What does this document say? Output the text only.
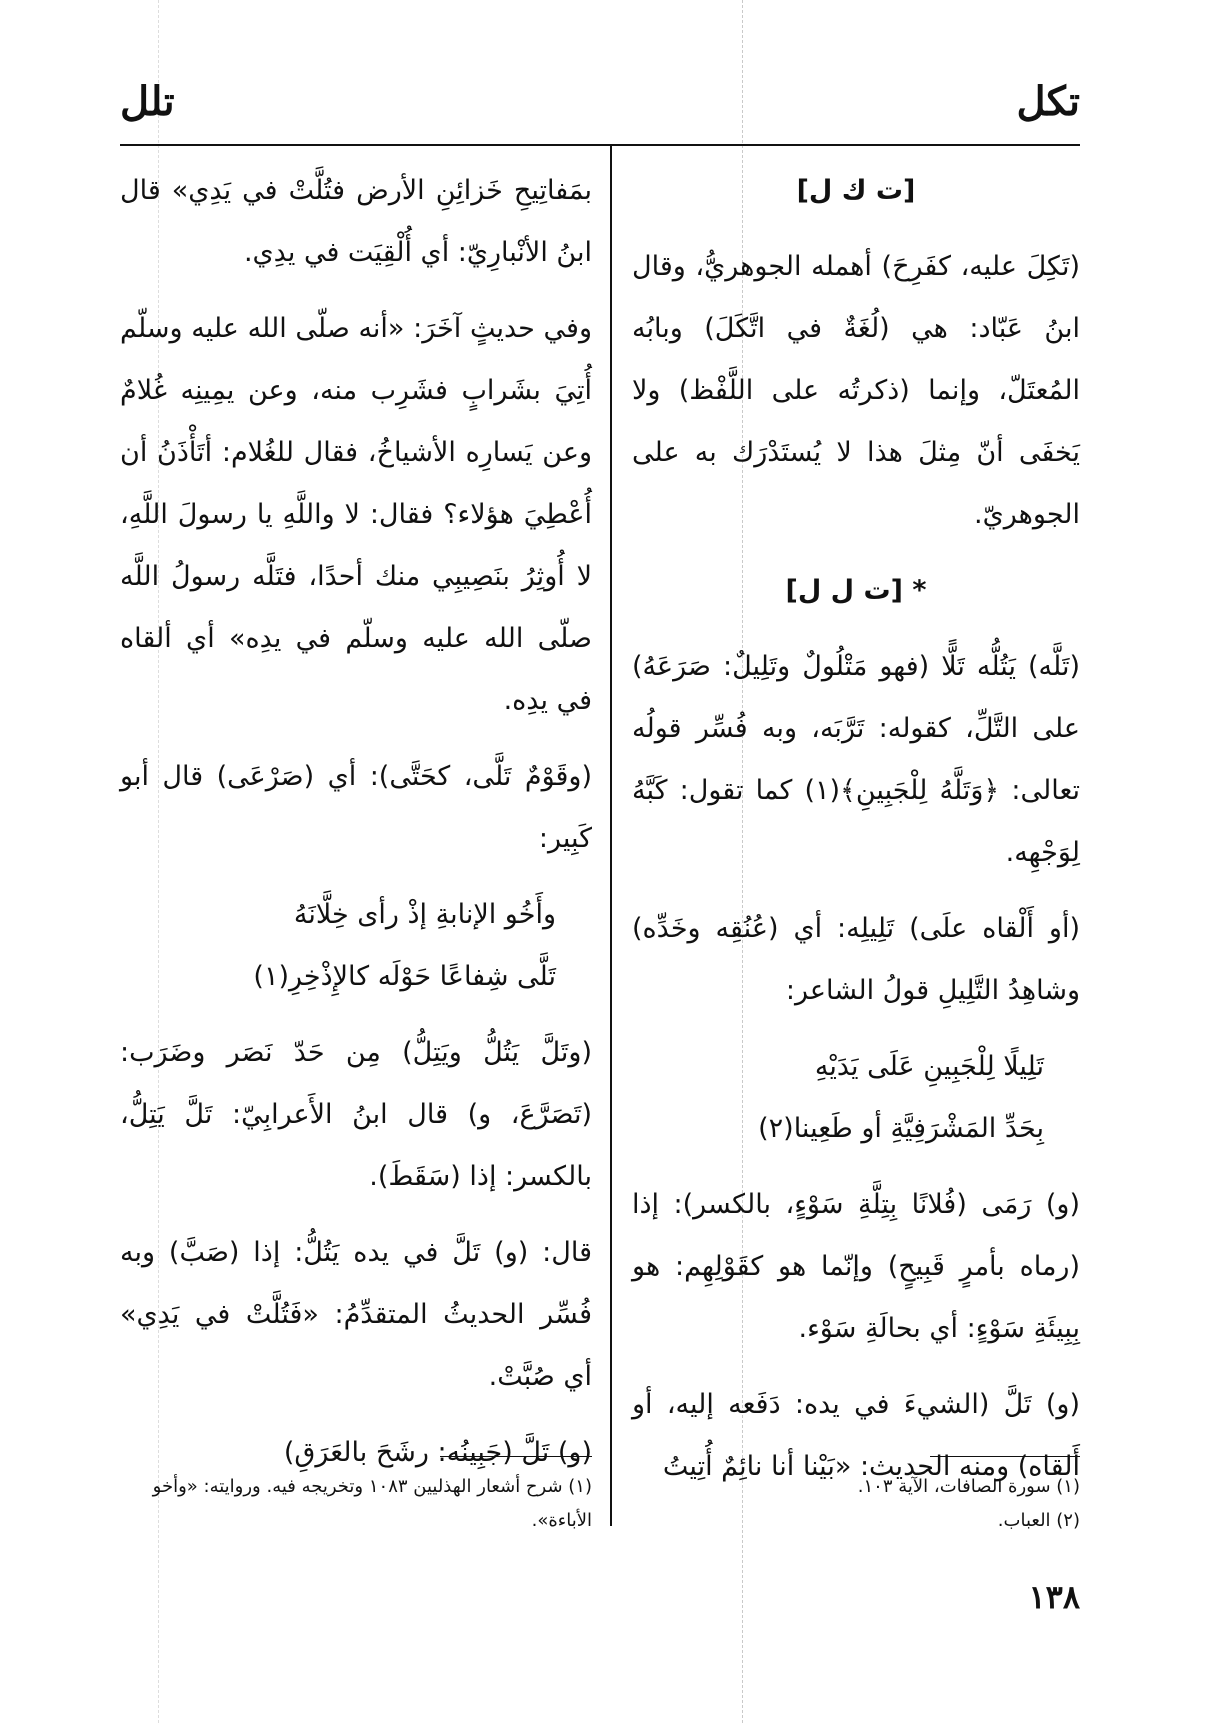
تكل
تلل

[ت ك ل]

(تَكِلَ عليه، كفَرِحَ) أهمله الجوهريُّ، وقال ابنُ عَبّاد: هي (لُغَةٌ في اتَّكَلَ) وبابُه المُعتَلّ، وإنما (ذكرتُه على اللَّفْظ) ولا يَخفَى أنّ مِثلَ هذا لا يُستَدْرَك به على الجوهريّ.

* [ت ل ل]

(تَلَّه) يَتُلُّه تَلًّا (فهو مَتْلُولٌ وتَلِيلٌ: صَرَعَهُ) على التَّلِّ، كقوله: تَرَّبَه، وبه فُسِّر قولُه تعالى: ﴿وَتَلَّهُ لِلْجَبِينِ﴾(١) كما تقول: كَبَّهُ لِوَجْهِه.

(أو أَلْقاه علَى) تَلِيلِه: أي (عُنُقِه وخَدِّه) وشاهِدُ التَّلِيلِ قولُ الشاعر:

تَلِيلًا لِلْجَبِينِ عَلَى يَدَيْهِ

بِحَدِّ المَشْرَفِيَّةِ أو طَعِينا(٢)

(و) رَمَى (فُلانًا بِتِلَّةِ سَوْءٍ، بالكسر): إذا (رماه بأمرٍ قَبِيحٍ) وإنّما هو كقَوْلِهِم: هو بِبِيئَةِ سَوْءٍ: أي بحالَةِ سَوْء.

(و) تَلَّ (الشيءَ في يده: دَفَعه إليه، أو أَلقاه) ومنه الحديث: «بَيْنا أنا نائِمٌ أُتِيتُ

بمَفاتِيحِ خَزائِنِ الأرض فتُلَّتْ في يَدِي» قال ابنُ الأنْبارِيّ: أي أُلْقِيَت في يدِي.

وفي حديثٍ آخَرَ: «أنه صلّى الله عليه وسلّم أُتِيَ بشَرابٍ فشَرِب منه، وعن يمِينِه غُلامٌ وعن يَسارِه الأشياخُ، فقال للغُلام: أتَأْذَنُ أن أُعْطِيَ هؤلاء؟ فقال: لا واللَّهِ يا رسولَ اللَّهِ، لا أُوثِرُ بنَصِيبِي منك أحدًا، فتَلَّه رسولُ اللَّه صلّى الله عليه وسلّم في يدِه» أي ألقاه في يدِه.

(وقَوْمٌ تَلَّى، كحَتَّى): أي (صَرْعَى) قال أبو كَبِير:

وأَخُو الإنابةِ إذْ رأى خِلَّانَهُ

تَلَّى شِفاعًا حَوْلَه كالإِذْخِرِ(١)

(وتَلَّ يَتُلُّ ويَتِلُّ) مِن حَدّ نَصَر وضَرَب: (تَصَرَّعَ، و) قال ابنُ الأَعرابِيّ: تَلَّ يَتِلُّ، بالكسر: إذا (سَقَطَ).

قال: (و) تَلَّ في يده يَتُلُّ: إذا (صَبَّ) وبه فُسِّر الحديثُ المتقدِّمُ: «فَتُلَّتْ في يَدِي» أي صُبَّتْ.

(و) تَلَّ (جَبِينُه: رشَحَ بالعَرَقِ)

(١) سورة الصافات، الآية ١٠٣.
(٢) العباب.
(١) شرح أشعار الهذليين ١٠٨٣ وتخريجه فيه. وروايته: «وأخو الأباءة».
١٣٨
